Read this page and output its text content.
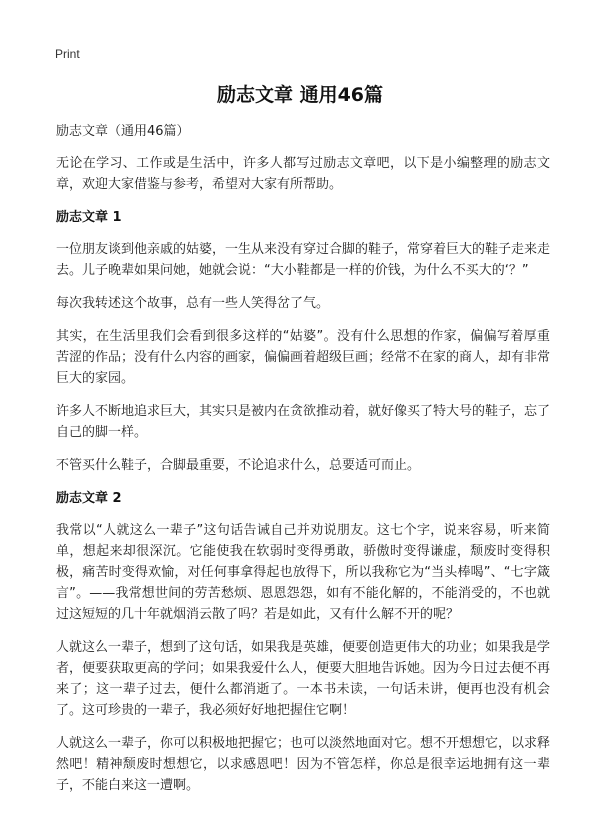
Print
励志文章 通用46篇

励志文章（通用46篇）

无论在学习、工作或是生活中，许多人都写过励志文章吧，以下是小编整理的励志文章，欢迎大家借鉴与参考，希望对大家有所帮助。

励志文章 1

一位朋友谈到他亲戚的姑婆，一生从来没有穿过合脚的鞋子，常穿着巨大的鞋子走来走去。儿子晚辈如果问她，她就会说：“大小鞋都是一样的价钱，为什么不买大的‘？”

每次我转述这个故事，总有一些人笑得岔了气。

其实，在生活里我们会看到很多这样的“姑婆”。没有什么思想的作家，偏偏写着厚重苦涩的作品；没有什么内容的画家，偏偏画着超级巨画；经常不在家的商人，却有非常巨大的家园。

许多人不断地追求巨大，其实只是被内在贪欲推动着，就好像买了特大号的鞋子，忘了自己的脚一样。

不管买什么鞋子，合脚最重要，不论追求什么，总要适可而止。

励志文章 2

我常以“人就这么一辈子”这句话告诫自己并劝说朋友。这七个字，说来容易，听来简单，想起来却很深沉。它能使我在软弱时变得勇敢，骄傲时变得谦虚，颓废时变得积极，痛苦时变得欢愉，对任何事拿得起也放得下，所以我称它为“当头棒喝”、“七字箴言”。——我常想世间的劳苦愁烦、恩恩怨怨，如有不能化解的，不能消受的，不也就过这短短的几十年就烟消云散了吗？若是如此，又有什么解不开的呢？

人就这么一辈子，想到了这句话，如果我是英雄，便要创造更伟大的功业；如果我是学者，便要获取更高的学问；如果我爱什么人，便要大胆地告诉她。因为今日过去便不再来了；这一辈子过去，便什么都消逝了。一本书未读，一句话未讲，便再也没有机会了。这可珍贵的一辈子，我必须好好地把握住它啊！

人就这么一辈子，你可以积极地把握它；也可以淡然地面对它。想不开想想它，以求释然吧！精神颓废时想想它，以求感恩吧！因为不管怎样，你总是很幸运地拥有这一辈子，不能白来这一遭啊。
